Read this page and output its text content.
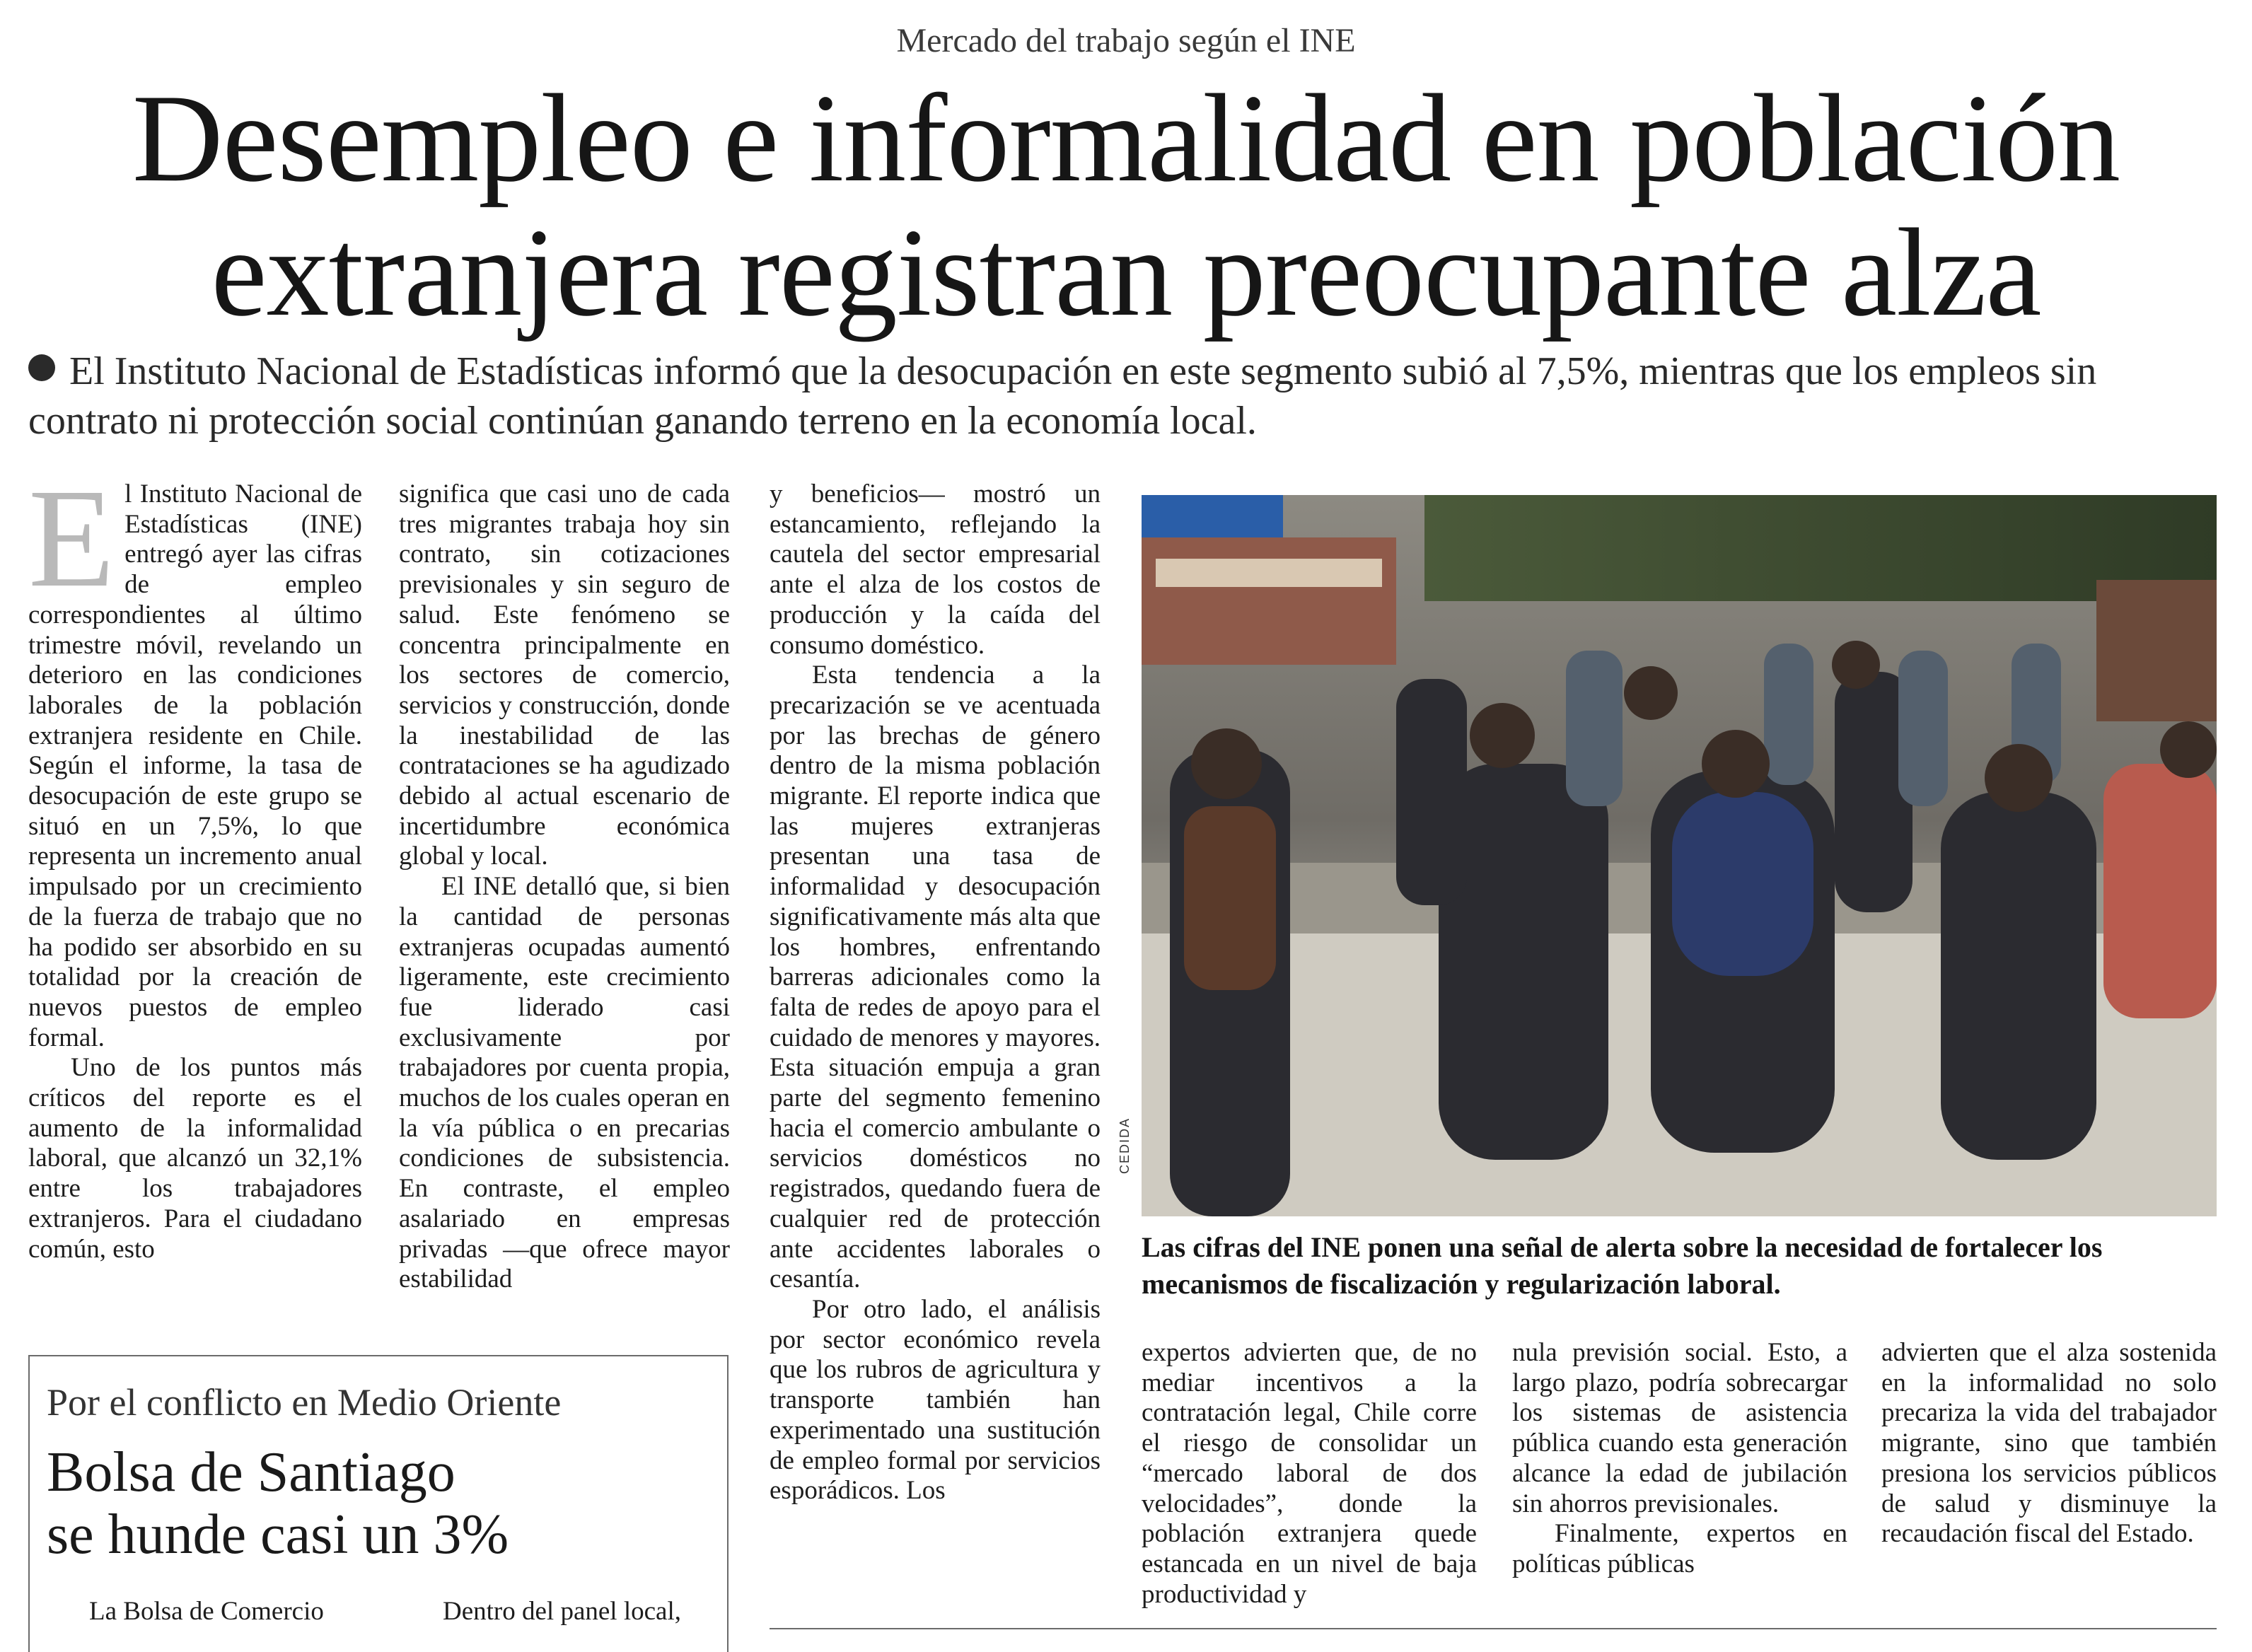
Mercado del trabajo según el INE
Desempleo e informalidad en población
extranjera registran preocupante alza
El Instituto Nacional de Estadísticas informó que la desocupación en este segmento subió al 7,5%, mientras que los empleos sin contrato ni protección social continúan ganando terreno en la economía local.

El Instituto Nacional de Estadísticas (INE) entregó ayer las cifras de empleo correspondientes al último trimestre móvil, revelando un deterioro en las condiciones laborales de la población extranjera residente en Chile. Según el informe, la tasa de desocupación de este grupo se situó en un 7,5%, lo que representa un incremento anual impulsado por un crecimiento de la fuerza de trabajo que no ha podido ser absorbido en su totalidad por la creación de nuevos puestos de empleo formal.

Uno de los puntos más críticos del reporte es el aumento de la informalidad laboral, que alcanzó un 32,1% entre los trabajadores extranjeros. Para el ciudadano común, esto

significa que casi uno de cada tres migrantes trabaja hoy sin contrato, sin cotizaciones previsionales y sin seguro de salud. Este fenómeno se concentra principalmente en los sectores de comercio, servicios y construcción, donde la inestabilidad de las contrataciones se ha agudizado debido al actual escenario de incertidumbre económica global y local.

El INE detalló que, si bien la cantidad de personas extranjeras ocupadas aumentó ligeramente, este crecimiento fue liderado casi exclusivamente por trabajadores por cuenta propia, muchos de los cuales operan en la vía pública o en precarias condiciones de subsistencia. En contraste, el empleo asalariado en empresas privadas —que ofrece mayor estabilidad

y beneficios— mostró un estancamiento, reflejando la cautela del sector empresarial ante el alza de los costos de producción y la caída del consumo doméstico.

Esta tendencia a la precarización se ve acentuada por las brechas de género dentro de la misma población migrante. El reporte indica que las mujeres extranjeras presentan una tasa de informalidad y desocupación significativamente más alta que los hombres, enfrentando barreras adicionales como la falta de redes de apoyo para el cuidado de menores y mayores. Esta situación empuja a gran parte del segmento femenino hacia el comercio ambulante o servicios domésticos no registrados, quedando fuera de cualquier red de protección ante accidentes laborales o cesantía.

Por otro lado, el análisis por sector económico revela que los rubros de agricultura y transporte también han experimentado una sustitución de empleo formal por servicios esporádicos. Los

CEDIDA
Las cifras del INE ponen una señal de alerta sobre la necesidad de fortalecer los mecanismos de fiscalización y regularización laboral.

expertos advierten que, de no mediar incentivos a la contratación legal, Chile corre el riesgo de consolidar un “mercado laboral de dos velocidades”, donde la población extranjera quede estancada en un nivel de baja productividad y

nula previsión social. Esto, a largo plazo, podría sobrecargar los sistemas de asistencia pública cuando esta generación alcance la edad de jubilación sin ahorros previsionales.

Finalmente, expertos en políticas públicas

advierten que el alza sostenida en la informalidad no solo precariza la vida del trabajador migrante, sino que también presiona los servicios públicos de salud y disminuye la recaudación fiscal del Estado.

Por el conflicto en Medio Oriente
Bolsa de Santiago
se hunde casi un 3%
La Bolsa de Comercio	Dentro del panel local,
